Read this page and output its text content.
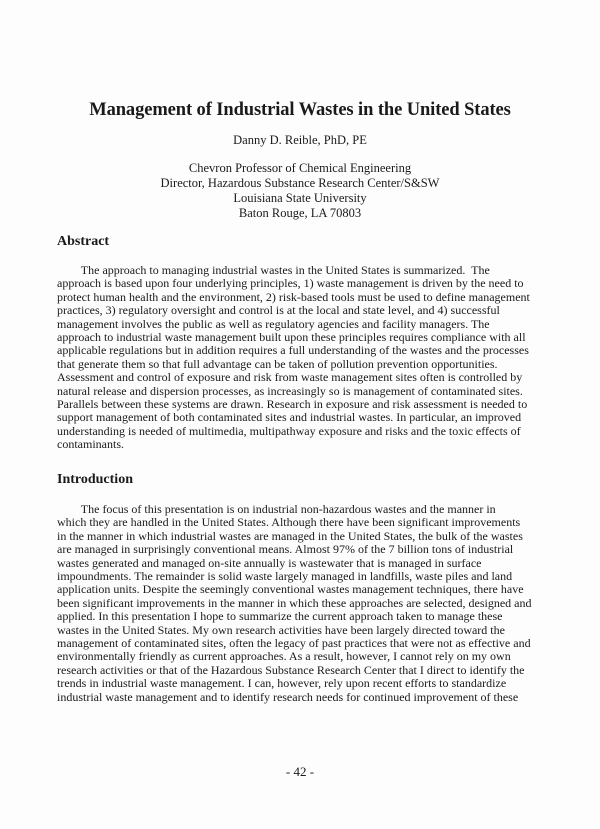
Management of Industrial Wastes in the United States

Danny D. Reible, PhD, PE

Chevron Professor of Chemical Engineering
Director, Hazardous Substance Research Center/S&SW
Louisiana State University
Baton Rouge, LA 70803
Abstract

The approach to managing industrial wastes in the United States is summarized.  The
approach is based upon four underlying principles, 1) waste management is driven by the need to
protect human health and the environment, 2) risk-based tools must be used to define management
practices, 3) regulatory oversight and control is at the local and state level, and 4) successful
management involves the public as well as regulatory agencies and facility managers. The
approach to industrial waste management built upon these principles requires compliance with all
applicable regulations but in addition requires a full understanding of the wastes and the processes
that generate them so that full advantage can be taken of pollution prevention opportunities.
Assessment and control of exposure and risk from waste management sites often is controlled by
natural release and dispersion processes, as increasingly so is management of contaminated sites.
Parallels between these systems are drawn. Research in exposure and risk assessment is needed to
support management of both contaminated sites and industrial wastes. In particular, an improved
understanding is needed of multimedia, multipathway exposure and risks and the toxic effects of
contaminants.

Introduction

The focus of this presentation is on industrial non-hazardous wastes and the manner in
which they are handled in the United States. Although there have been significant improvements
in the manner in which industrial wastes are managed in the United States, the bulk of the wastes
are managed in surprisingly conventional means. Almost 97% of the 7 billion tons of industrial
wastes generated and managed on-site annually is wastewater that is managed in surface
impoundments. The remainder is solid waste largely managed in landfills, waste piles and land
application units. Despite the seemingly conventional wastes management techniques, there have
been significant improvements in the manner in which these approaches are selected, designed and
applied. In this presentation I hope to summarize the current approach taken to manage these
wastes in the United States. My own research activities have been largely directed toward the
management of contaminated sites, often the legacy of past practices that were not as effective and
environmentally friendly as current approaches. As a result, however, I cannot rely on my own
research activities or that of the Hazardous Substance Research Center that I direct to identify the
trends in industrial waste management. I can, however, rely upon recent efforts to standardize
industrial waste management and to identify research needs for continued improvement of these

- 42 -
